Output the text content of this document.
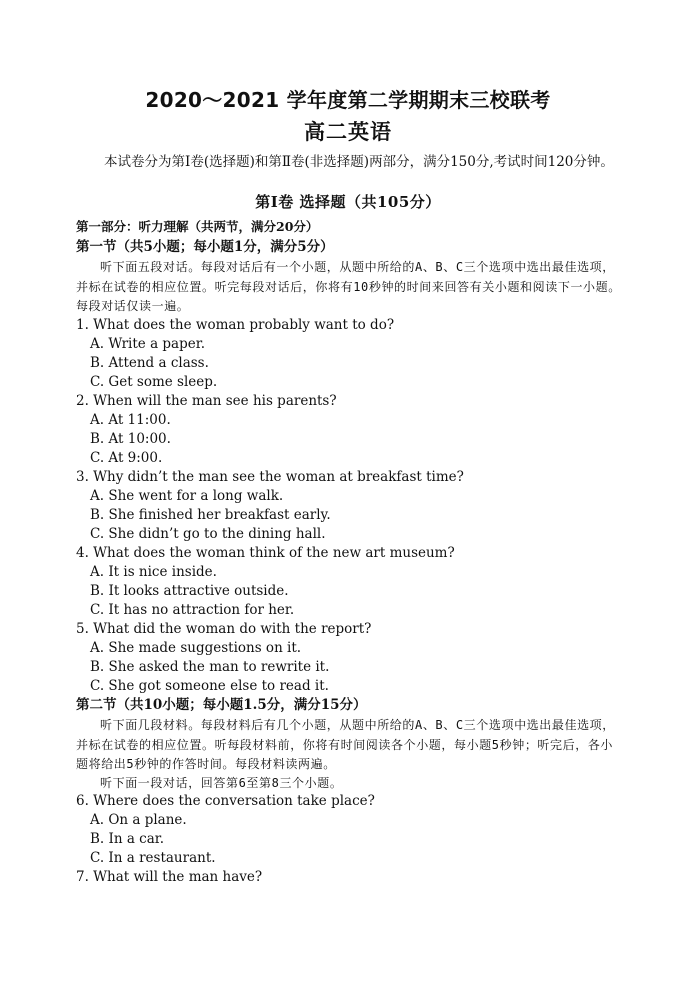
2020～2021 学年度第二学期期末三校联考
高二英语
本试卷分为第Ⅰ卷(选择题)和第Ⅱ卷(非选择题)两部分，满分150分,考试时间120分钟。
第Ⅰ卷 选择题（共105分）
第一部分：听力理解（共两节，满分20分）
第一节（共5小题；每小题1分，满分5分）
听下面五段对话。每段对话后有一个小题，从题中所给的A、B、C三个选项中选出最佳选项，并标在试卷的相应位置。听完每段对话后，你将有10秒钟的时间来回答有关小题和阅读下一小题。每段对话仅读一遍。
1. What does the woman probably want to do?
A. Write a paper.
B. Attend a class.
C. Get some sleep.
2. When will the man see his parents?
A. At 11:00.
B. At 10:00.
C. At 9:00.
3. Why didn’t the man see the woman at breakfast time?
A. She went for a long walk.
B. She finished her breakfast early.
C. She didn’t go to the dining hall.
4. What does the woman think of the new art museum?
A. It is nice inside.
B. It looks attractive outside.
C. It has no attraction for her.
5. What did the woman do with the report?
A. She made suggestions on it.
B. She asked the man to rewrite it.
C. She got someone else to read it.
第二节（共10小题；每小题1.5分，满分15分）
听下面几段材料。每段材料后有几个小题，从题中所给的A、B、C三个选项中选出最佳选项，并标在试卷的相应位置。听每段材料前，你将有时间阅读各个小题，每小题5秒钟；听完后，各小题将给出5秒钟的作答时间。每段材料读两遍。
听下面一段对话，回答第6至第8三个小题。
6. Where does the conversation take place?
A. On a plane.
B. In a car.
C. In a restaurant.
7. What will the man have?
